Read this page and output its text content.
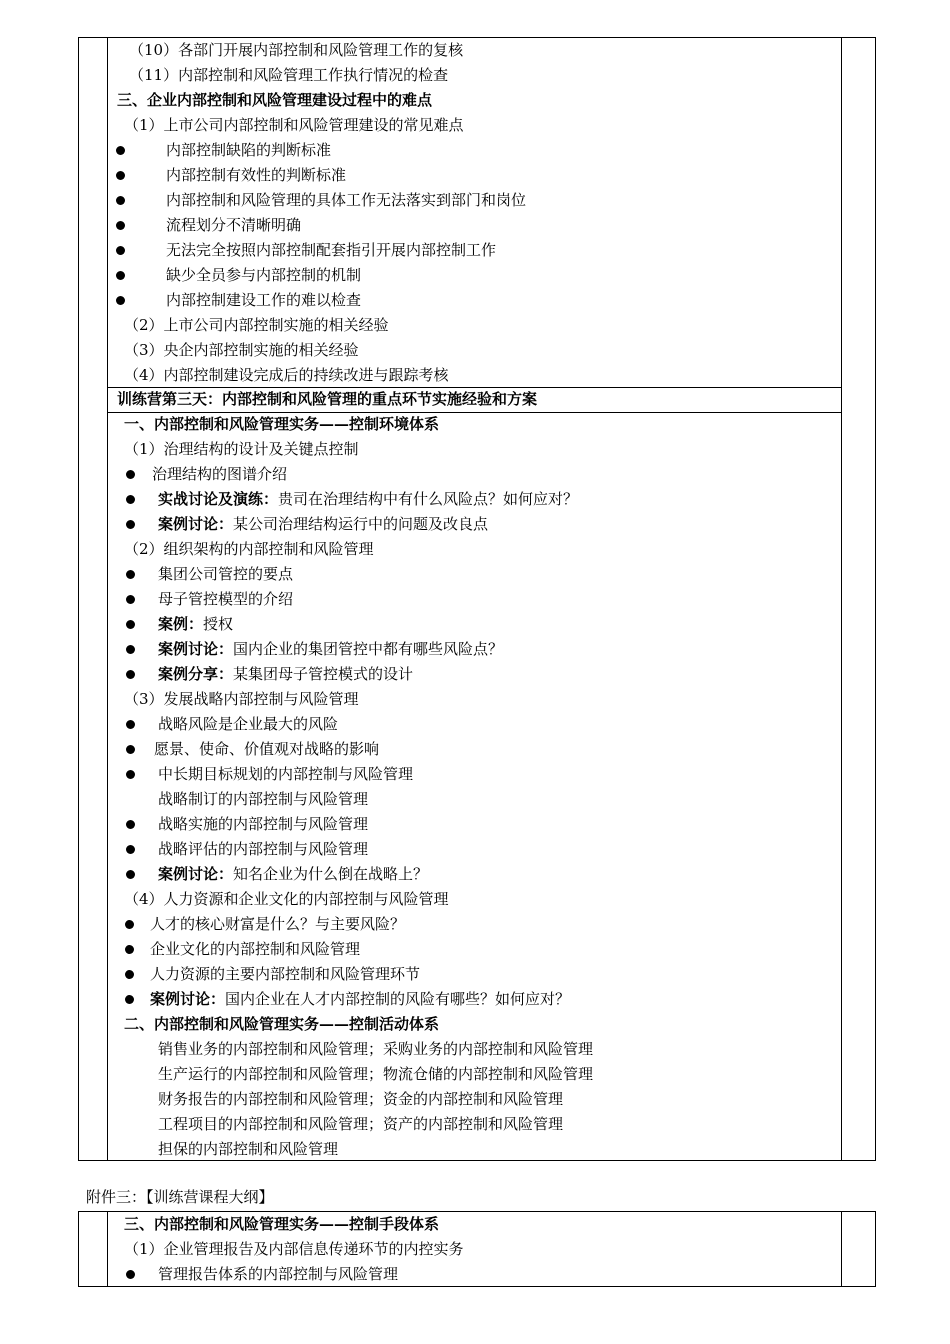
（10）各部门开展内部控制和风险管理工作的复核
（11）内部控制和风险管理工作执行情况的检查
三、企业内部控制和风险管理建设过程中的难点
（1）上市公司内部控制和风险管理建设的常见难点
内部控制缺陷的判断标准
内部控制有效性的判断标准
内部控制和风险管理的具体工作无法落实到部门和岗位
流程划分不清晰明确
无法完全按照内部控制配套指引开展内部控制工作
缺少全员参与内部控制的机制
内部控制建设工作的难以检查
（2）上市公司内部控制实施的相关经验
（3）央企内部控制实施的相关经验
（4）内部控制建设完成后的持续改进与跟踪考核
训练营第三天：内部控制和风险管理的重点环节实施经验和方案
一、内部控制和风险管理实务——控制环境体系
（1）治理结构的设计及关键点控制
治理结构的图谱介绍
实战讨论及演练：贵司在治理结构中有什么风险点？如何应对？
案例讨论：某公司治理结构运行中的问题及改良点
（2）组织架构的内部控制和风险管理
集团公司管控的要点
母子管控模型的介绍
案例：授权
案例讨论：国内企业的集团管控中都有哪些风险点？
案例分享：某集团母子管控模式的设计
（3）发展战略内部控制与风险管理
战略风险是企业最大的风险
愿景、使命、价值观对战略的影响
中长期目标规划的内部控制与风险管理
战略制订的内部控制与风险管理
战略实施的内部控制与风险管理
战略评估的内部控制与风险管理
案例讨论：知名企业为什么倒在战略上？
（4）人力资源和企业文化的内部控制与风险管理
人才的核心财富是什么？与主要风险？
企业文化的内部控制和风险管理
人力资源的主要内部控制和风险管理环节
案例讨论：国内企业在人才内部控制的风险有哪些？如何应对？
二、内部控制和风险管理实务——控制活动体系
销售业务的内部控制和风险管理；采购业务的内部控制和风险管理
生产运行的内部控制和风险管理；物流仓储的内部控制和风险管理
财务报告的内部控制和风险管理；资金的内部控制和风险管理
工程项目的内部控制和风险管理；资产的内部控制和风险管理
担保的内部控制和风险管理
附件三：【训练营课程大纲】
三、内部控制和风险管理实务——控制手段体系
（1）企业管理报告及内部信息传递环节的内控实务
管理报告体系的内部控制与风险管理
